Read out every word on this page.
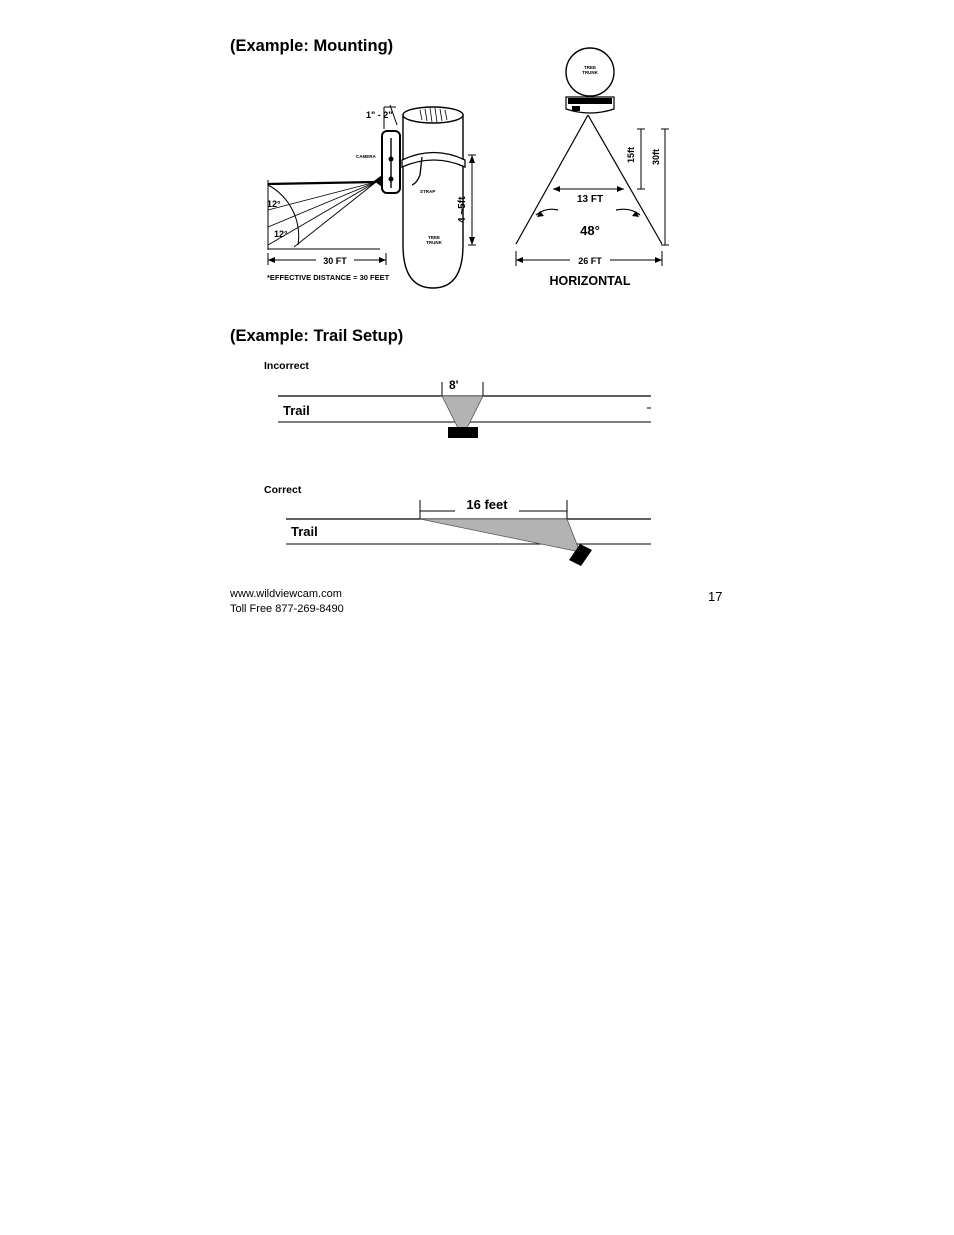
(Example: Mounting)
1" - 2"
CAMERA
STRAP
TREE
TRUNK
4 ~5ft
12°
12°
30 FT
*EFFECTIVE DISTANCE = 30 FEET
TREE
TRUNK
13 FT
48°
15ft 30ft
26 FT
HORIZONTAL
(Example: Trail Setup)
Incorrect
8'
Trail
Correct
16 feet
Trail
www.wildviewcam.com
Toll Free 877-269-8490
17
